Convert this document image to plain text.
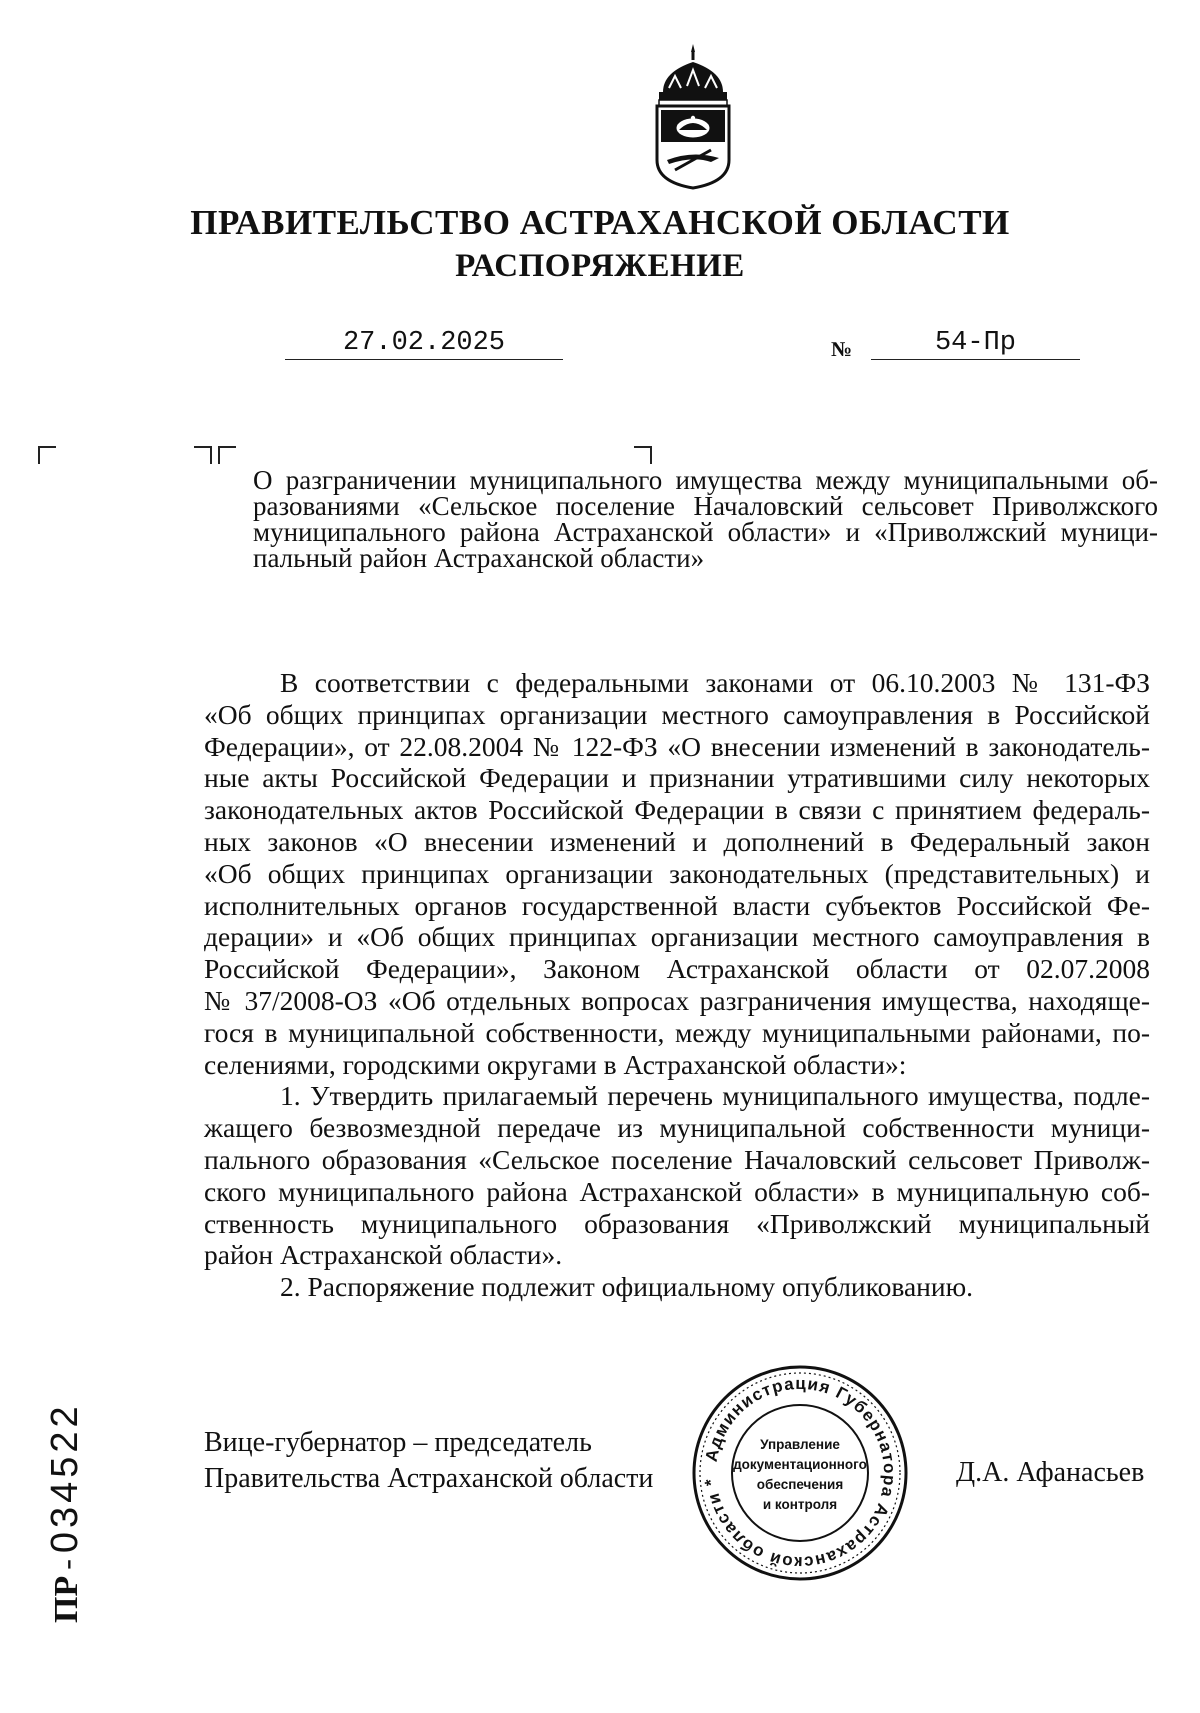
ПРАВИТЕЛЬСТВО АСТРАХАНСКОЙ ОБЛАСТИ
РАСПОРЯЖЕНИЕ
27.02.2025	№	54-Пр
О разграничении муниципального имущества между муниципальными об-
разованиями «Сельское поселение Началовский сельсовет Приволжского
муниципального района Астраханской области» и «Приволжский муници-
пальный район Астраханской области»
В соответствии с федеральными законами от 06.10.2003 № 131-ФЗ
«Об общих принципах организации местного самоуправления в Российской
Федерации», от 22.08.2004 № 122-ФЗ «О внесении изменений в законодатель-
ные акты Российской Федерации и признании утратившими силу некоторых
законодательных актов Российской Федерации в связи с принятием федераль-
ных законов «О внесении изменений и дополнений в Федеральный закон
«Об общих принципах организации законодательных (представительных) и
исполнительных органов государственной власти субъектов Российской Фе-
дерации» и «Об общих принципах организации местного самоуправления в
Российской Федерации», Законом Астраханской области от 02.07.2008
№ 37/2008-ОЗ «Об отдельных вопросах разграничения имущества, находяще-
гося в муниципальной собственности, между муниципальными районами, по-
селениями, городскими округами в Астраханской области»:
1. Утвердить прилагаемый перечень муниципального имущества, подле-
жащего безвозмездной передаче из муниципальной собственности муници-
пального образования «Сельское поселение Началовский сельсовет Приволж-
ского муниципального района Астраханской области» в муниципальную соб-
ственность муниципального образования «Приволжский муниципальный
район Астраханской области».
2. Распоряжение подлежит официальному опубликованию.
Вице-губернатор – председатель
Правительства Астраханской области	Д.А. Афанасьев
Администрация Губернатора Астраханской области *
Управление
документационного
обеспечения
и контроля
ПР-034522
